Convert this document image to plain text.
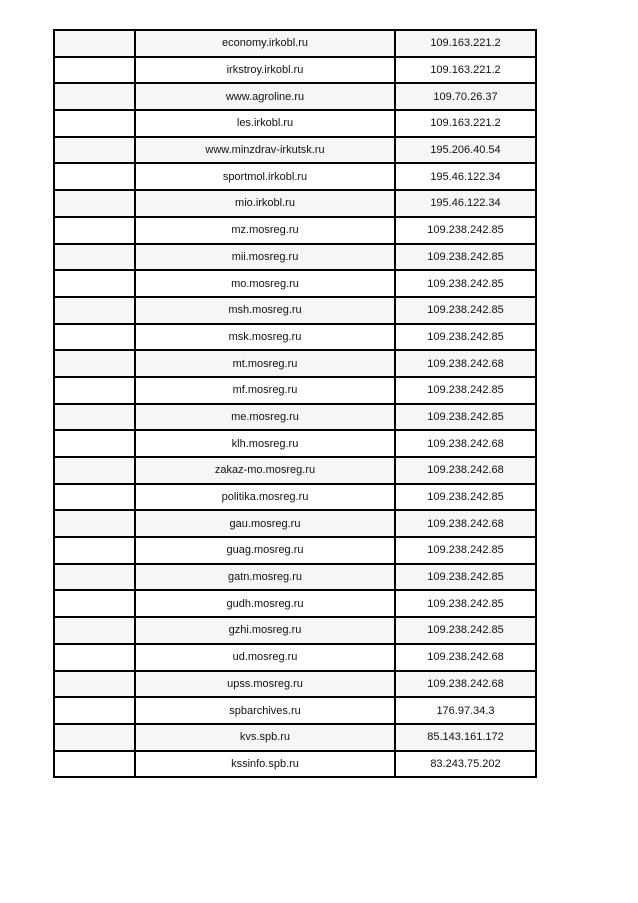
	economy.irkobl.ru	109.163.221.2
	irkstroy.irkobl.ru	109.163.221.2
	www.agroline.ru	109.70.26.37
	les.irkobl.ru	109.163.221.2
	www.minzdrav-irkutsk.ru	195.206.40.54
	sportmol.irkobl.ru	195.46.122.34
	mio.irkobl.ru	195.46.122.34
	mz.mosreg.ru	109.238.242.85
	mii.mosreg.ru	109.238.242.85
	mo.mosreg.ru	109.238.242.85
	msh.mosreg.ru	109.238.242.85
	msk.mosreg.ru	109.238.242.85
	mt.mosreg.ru	109.238.242.68
	mf.mosreg.ru	109.238.242.85
	me.mosreg.ru	109.238.242.85
	klh.mosreg.ru	109.238.242.68
	zakaz-mo.mosreg.ru	109.238.242.68
	politika.mosreg.ru	109.238.242.85
	gau.mosreg.ru	109.238.242.68
	guag.mosreg.ru	109.238.242.85
	gatn.mosreg.ru	109.238.242.85
	gudh.mosreg.ru	109.238.242.85
	gzhi.mosreg.ru	109.238.242.85
	ud.mosreg.ru	109.238.242.68
	upss.mosreg.ru	109.238.242.68
	spbarchives.ru	176.97.34.3
	kvs.spb.ru	85.143.161.172
	kssinfo.spb.ru	83.243.75.202
